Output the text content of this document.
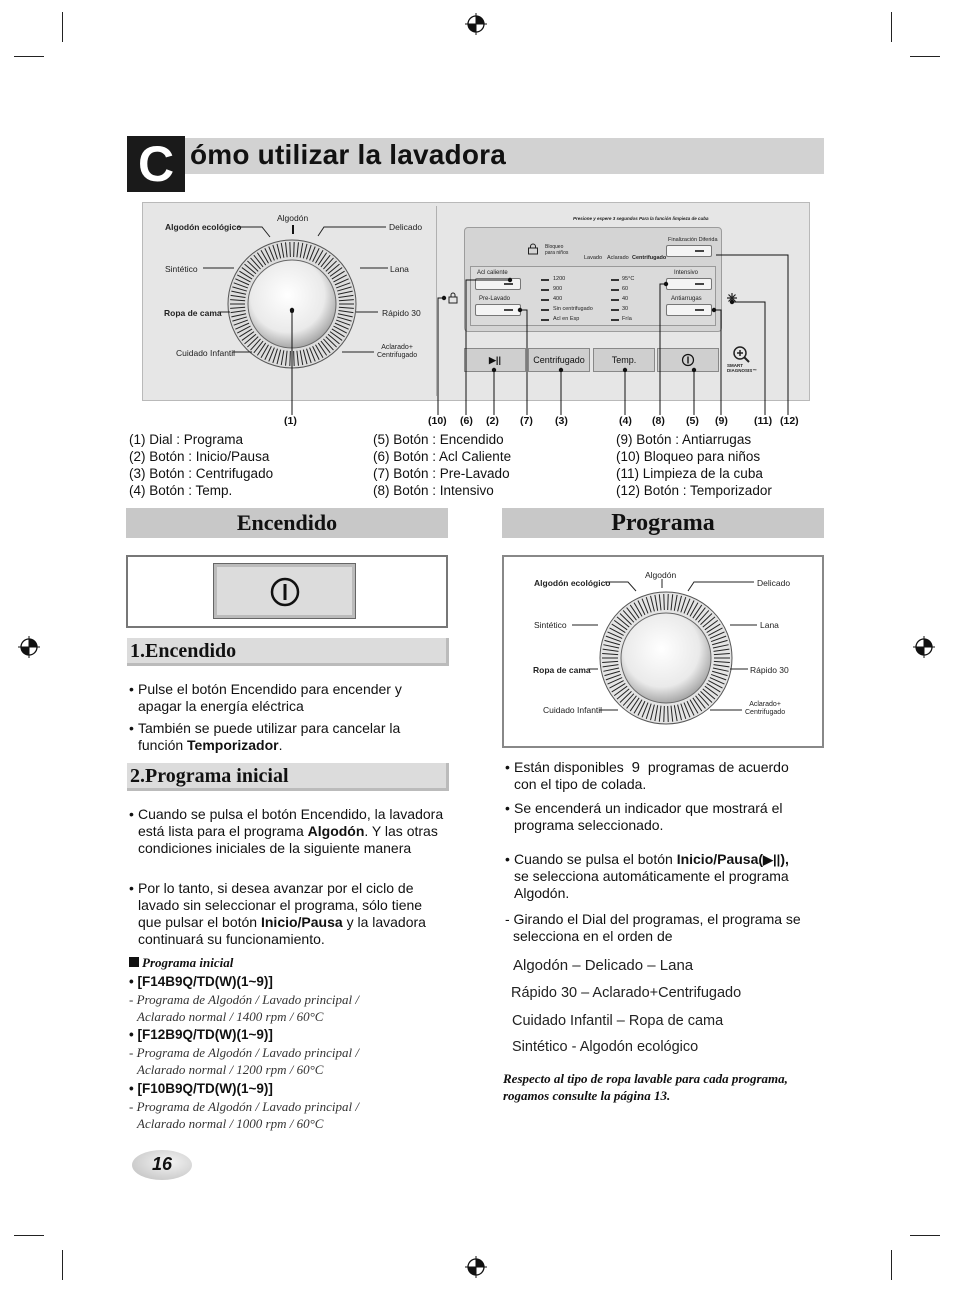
C ómo utilizar la lavadora
Algodón
Algodón ecológico	Delicado
Sintético	Lana
Ropa de cama	Rápido 30
Cuidado Infantil
Aclarado+
Centrifugado
Presione y espere 3 segundos Para la función limpieza de cuba
Bloqueo
para niños
Lavado Aclarado Centrifugado
Finalización Diferida
Acl caliente
Pre-Lavado
Intensivo
Antiarrugas
1200
900
400
Sin centrifugado
Acl en Esp
95°C
60
40
30
Fría
▶||	Centrifugado	Temp.
SMART
DIAGNOSIS™
(1)	(10) (6) (2) (7) (3)	(4) (8) (5) (9) (11) (12)
(1) Dial : Programa
(2) Botón : Inicio/Pausa
(3) Botón : Centrifugado
(4) Botón : Temp.
(5) Botón : Encendido
(6) Botón : Acl Caliente
(7) Botón : Pre-Lavado
(8) Botón : Intensivo
(9) Botón : Antiarrugas
(10) Bloqueo para niños
(11) Limpieza de la cuba
(12) Botón : Temporizador
Encendido
1.Encendido
• Pulse el botón Encendido para encender y apagar la energía eléctrica
• También se puede utilizar para cancelar la función Temporizador.
2.Programa inicial
• Cuando se pulsa el botón Encendido, la lavadora está lista para el programa Algodón. Y las otras condiciones iniciales de la siguiente manera
• Por lo tanto, si desea avanzar por el ciclo de lavado sin seleccionar el programa, sólo tiene que pulsar el botón Inicio/Pausa y la lavadora continuará su funcionamiento.
Programa inicial
• [F14B9Q/TD(W)(1~9)]
- Programa de Algodón / Lavado principal /
Aclarado normal / 1400 rpm / 60°C
• [F12B9Q/TD(W)(1~9)]
- Programa de Algodón / Lavado principal /
Aclarado normal / 1200 rpm / 60°C
• [F10B9Q/TD(W)(1~9)]
- Programa de Algodón / Lavado principal /
Aclarado normal / 1000 rpm / 60°C
Programa
Algodón
Algodón ecológico	Delicado
Sintético	Lana
Ropa de cama	Rápido 30
Cuidado Infantil
Aclarado+
Centrifugado
• Están disponibles 9 programas de acuerdo con el tipo de colada.
• Se encenderá un indicador que mostrará el programa seleccionado.
• Cuando se pulsa el botón Inicio/Pausa(▶||),
se selecciona automáticamente el programa Algodón.
- Girando el Dial del programas, el programa se selecciona en el orden de
Algodón – Delicado – Lana
Rápido 30 – Aclarado+Centrifugado
Cuidado Infantil – Ropa de cama
Sintético - Algodón ecológico
Respecto al tipo de ropa lavable para cada programa, rogamos consulte la página 13.
16
